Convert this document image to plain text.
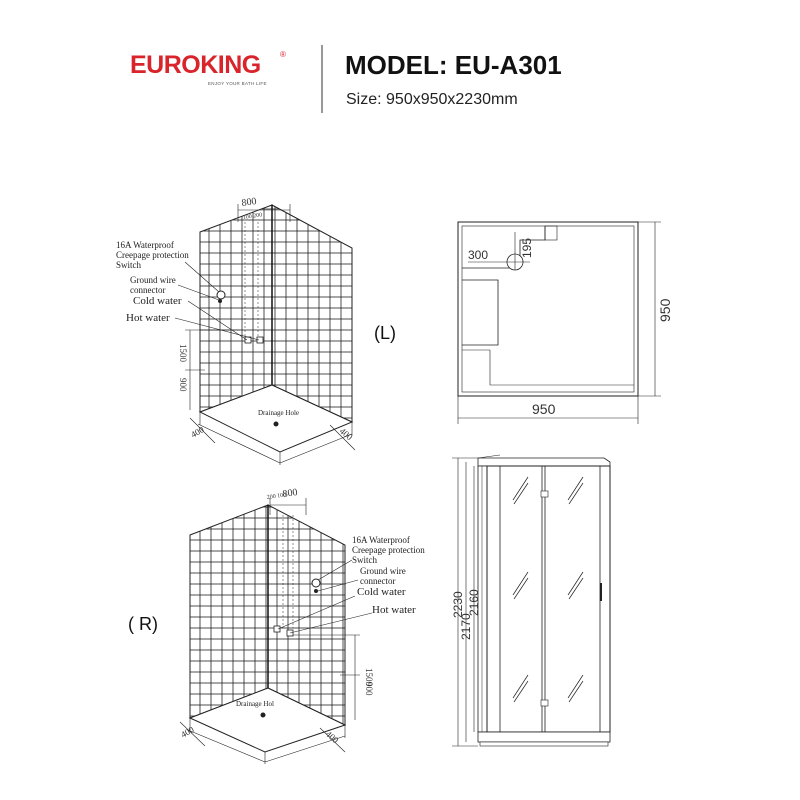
EUROKING ®
ENJOY YOUR BATH LIFE
MODEL: EU-A301
Size: 950x950x2230mm
300	195
950
950
2230
2170
2160
800
100 200
1500
900
400	400
800
200 100
1500
900
400	400
16A Waterproof
Creepage protection
Switch
Ground wire
connector
Cold water
Hot water
Drainage Hole
(L)
16A Waterproof
Creepage protection
Switch
Ground wire
connector
Cold water
Hot water
Drainage Hol
( R)
